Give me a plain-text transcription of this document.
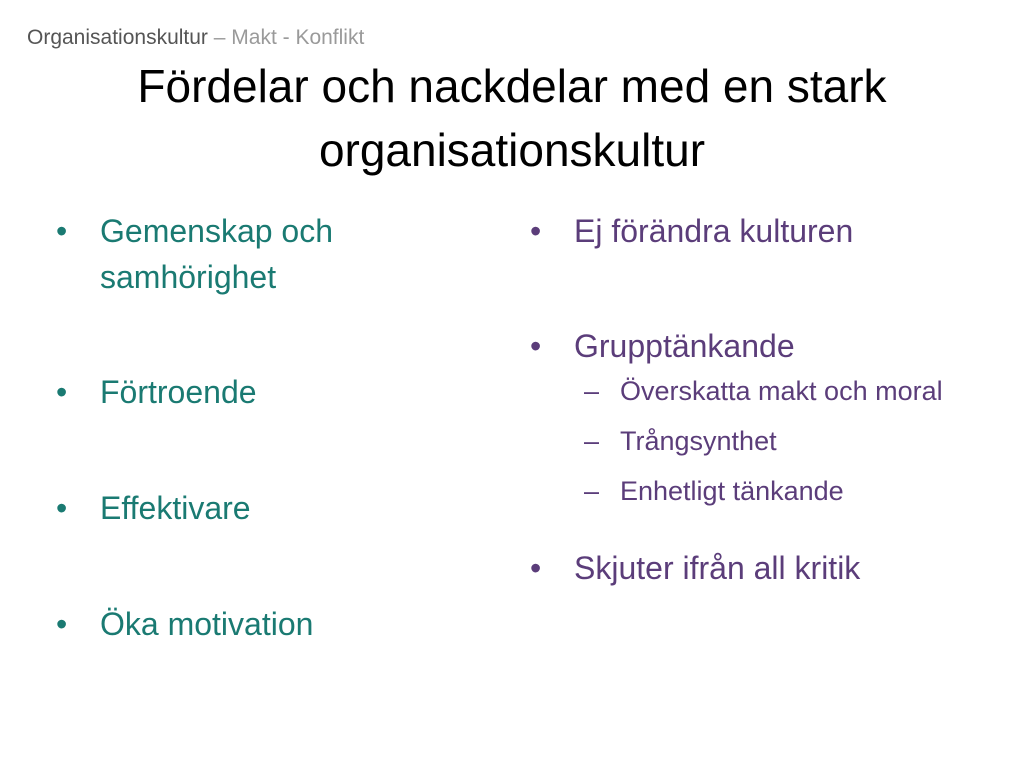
Organisationskultur – Makt - Konflikt
Fördelar och nackdelar med en stark organisationskultur
•
Gemenskap och samhörighet
•
Förtroende
•
Effektivare
•
Öka motivation
•
Ej förändra kulturen
•
Grupptänkande
–
Överskatta makt och moral
–
Trångsynthet
–
Enhetligt tänkande
•
Skjuter ifrån all kritik
